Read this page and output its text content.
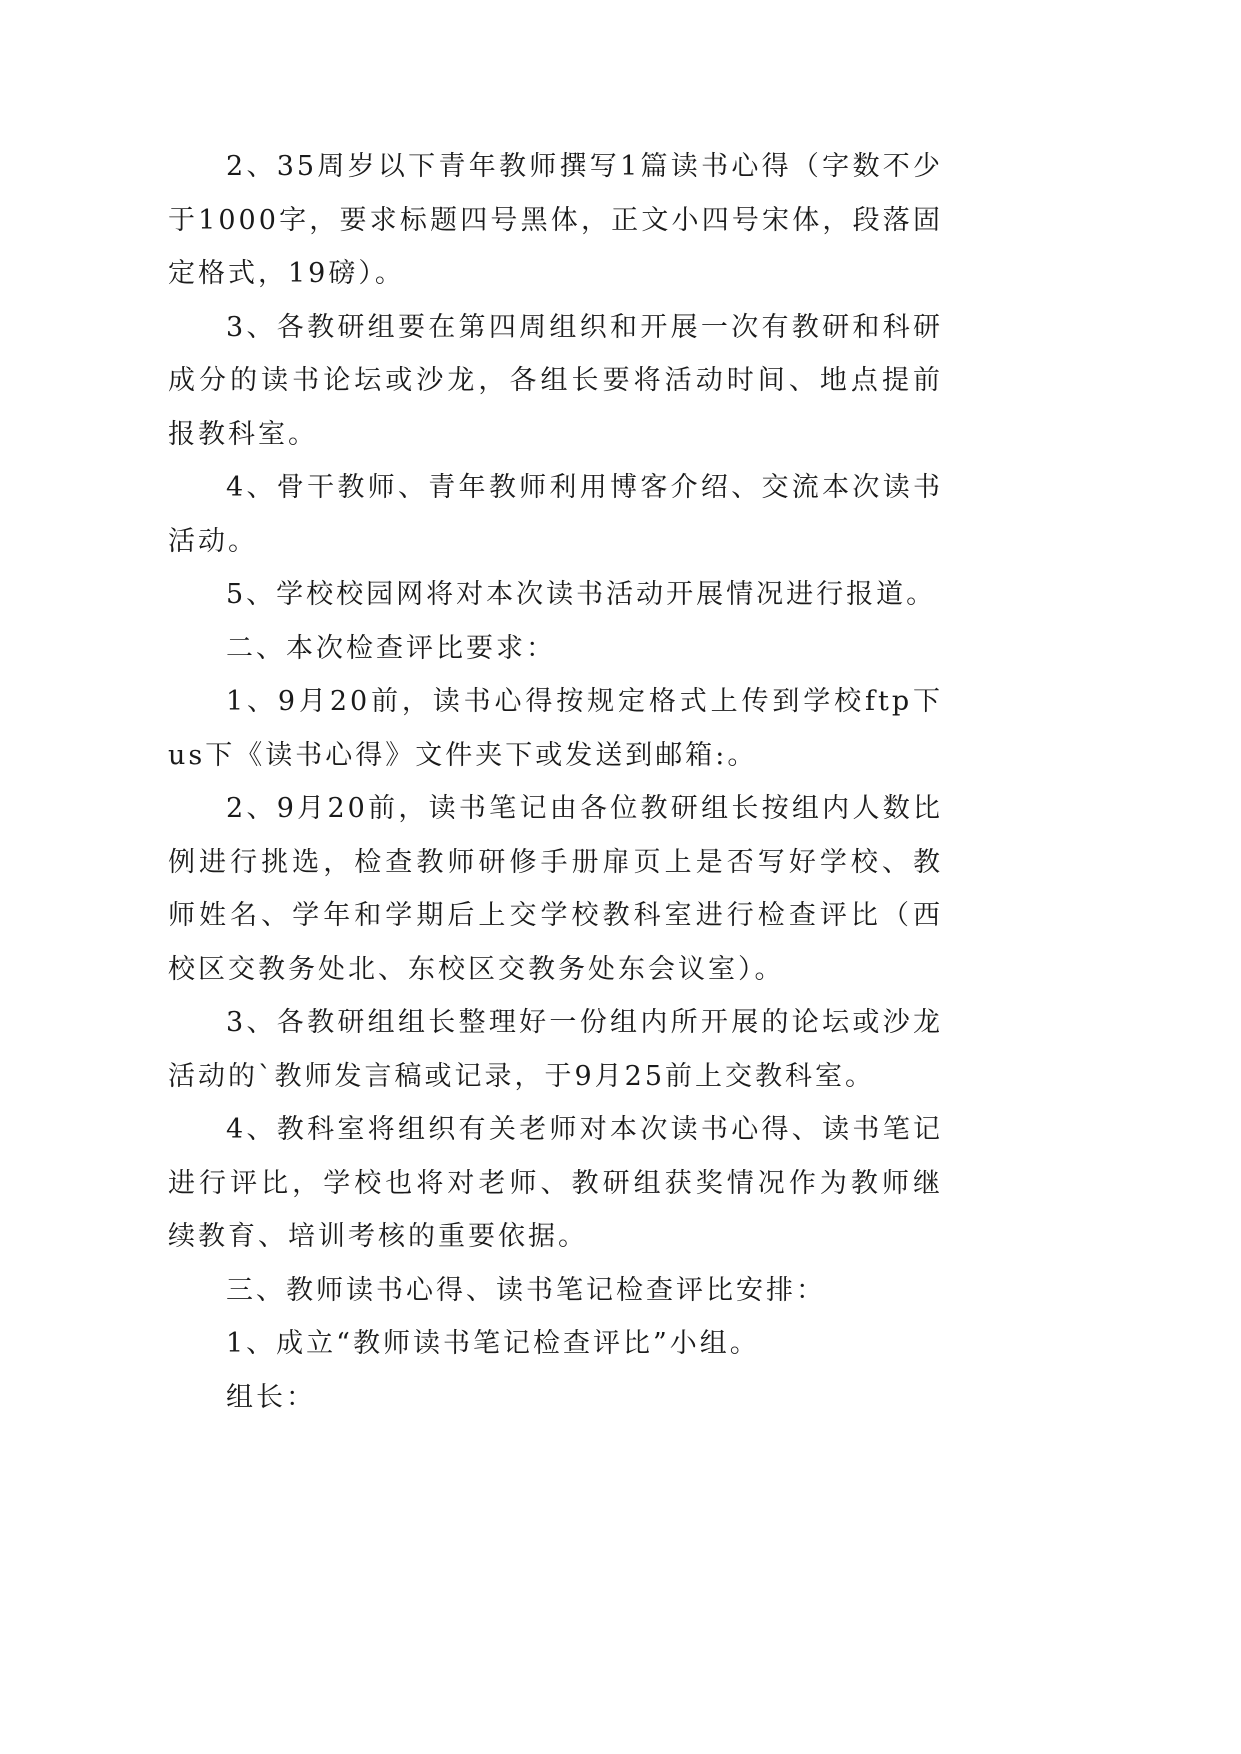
2、35周岁以下青年教师撰写1篇读书心得（字数不少于1000字，要求标题四号黑体，正文小四号宋体，段落固定格式，19磅）。

3、各教研组要在第四周组织和开展一次有教研和科研成分的读书论坛或沙龙，各组长要将活动时间、地点提前报教科室。

4、骨干教师、青年教师利用博客介绍、交流本次读书活动。

5、学校校园网将对本次读书活动开展情况进行报道。

二、本次检查评比要求：

1、9月20前，读书心得按规定格式上传到学校ftp下us下《读书心得》文件夹下或发送到邮箱:。

2、9月20前，读书笔记由各位教研组长按组内人数比例进行挑选，检查教师研修手册扉页上是否写好学校、教师姓名、学年和学期后上交学校教科室进行检查评比（西校区交教务处北、东校区交教务处东会议室）。

3、各教研组组长整理好一份组内所开展的论坛或沙龙活动的`教师发言稿或记录，于9月25前上交教科室。

4、教科室将组织有关老师对本次读书心得、读书笔记进行评比，学校也将对老师、教研组获奖情况作为教师继续教育、培训考核的重要依据。

三、教师读书心得、读书笔记检查评比安排：

1、成立“教师读书笔记检查评比”小组。

组长：
